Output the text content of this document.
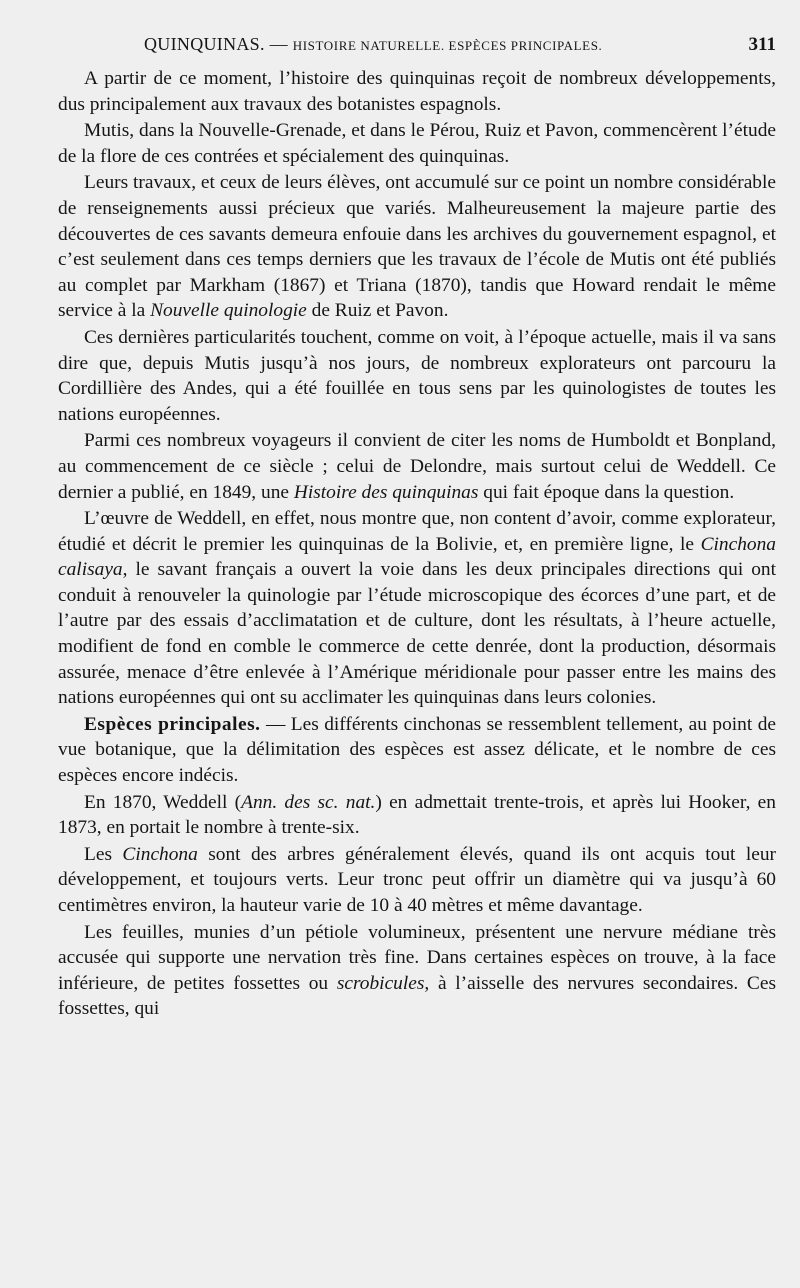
QUINQUINAS. — HISTOIRE NATURELLE. ESPÈCES PRINCIPALES.	311

A partir de ce moment, l’histoire des quinquinas reçoit de nombreux développements, dus principalement aux travaux des botanistes espagnols.

Mutis, dans la Nouvelle-Grenade, et dans le Pérou, Ruiz et Pavon, commencèrent l’étude de la flore de ces contrées et spécialement des quinquinas.

Leurs travaux, et ceux de leurs élèves, ont accumulé sur ce point un nombre considérable de renseignements aussi précieux que variés. Malheureusement la majeure partie des découvertes de ces savants demeura enfouie dans les archives du gouvernement espagnol, et c’est seulement dans ces temps derniers que les travaux de l’école de Mutis ont été publiés au complet par Markham (1867) et Triana (1870), tandis que Howard rendait le même service à la Nouvelle quinologie de Ruiz et Pavon.

Ces dernières particularités touchent, comme on voit, à l’époque actuelle, mais il va sans dire que, depuis Mutis jusqu’à nos jours, de nombreux explorateurs ont parcouru la Cordillière des Andes, qui a été fouillée en tous sens par les quinologistes de toutes les nations européennes.

Parmi ces nombreux voyageurs il convient de citer les noms de Humboldt et Bonpland, au commencement de ce siècle ; celui de Delondre, mais surtout celui de Weddell. Ce dernier a publié, en 1849, une Histoire des quinquinas qui fait époque dans la question.

L’œuvre de Weddell, en effet, nous montre que, non content d’avoir, comme explorateur, étudié et décrit le premier les quinquinas de la Bolivie, et, en première ligne, le Cinchona calisaya, le savant français a ouvert la voie dans les deux principales directions qui ont conduit à renouveler la quinologie par l’étude microscopique des écorces d’une part, et de l’autre par des essais d’acclimatation et de culture, dont les résultats, à l’heure actuelle, modifient de fond en comble le commerce de cette denrée, dont la production, désormais assurée, menace d’être enlevée à l’Amérique méridionale pour passer entre les mains des nations européennes qui ont su acclimater les quinquinas dans leurs colonies.

Espèces principales. — Les différents cinchonas se ressemblent tellement, au point de vue botanique, que la délimitation des espèces est assez délicate, et le nombre de ces espèces encore indécis.

En 1870, Weddell (Ann. des sc. nat.) en admettait trente-trois, et après lui Hooker, en 1873, en portait le nombre à trente-six.

Les Cinchona sont des arbres généralement élevés, quand ils ont acquis tout leur développement, et toujours verts. Leur tronc peut offrir un diamètre qui va jusqu’à 60 centimètres environ, la hauteur varie de 10 à 40 mètres et même davantage.

Les feuilles, munies d’un pétiole volumineux, présentent une nervure médiane très accusée qui supporte une nervation très fine. Dans certaines espèces on trouve, à la face inférieure, de petites fossettes ou scrobicules, à l’aisselle des nervures secondaires. Ces fossettes, qui
